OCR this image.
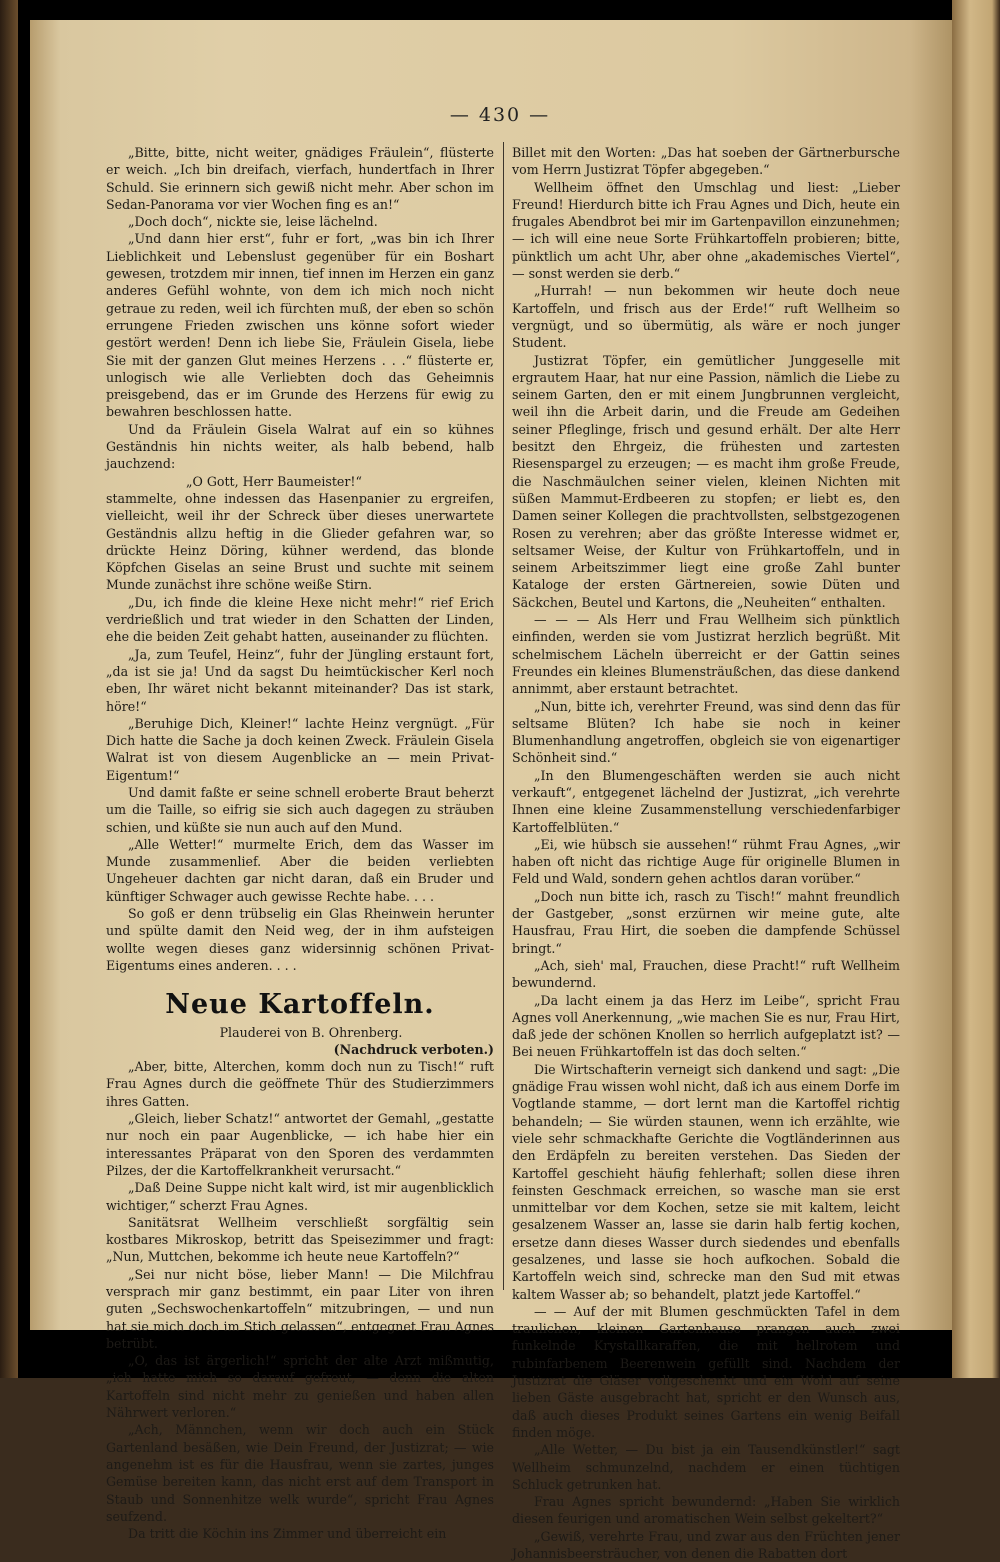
— 430 —

„Bitte, bitte, nicht weiter, gnädiges Fräulein“, flüsterte er weich. „Ich bin dreifach, vierfach, hundertfach in Ihrer Schuld. Sie erinnern sich gewiß nicht mehr. Aber schon im Sedan-Panorama vor vier Wochen fing es an!“

„Doch doch“, nickte sie, leise lächelnd.

„Und dann hier erst“, fuhr er fort, „was bin ich Ihrer Lieblichkeit und Lebenslust gegenüber für ein Boshart gewesen, trotzdem mir innen, tief innen im Herzen ein ganz anderes Gefühl wohnte, von dem ich mich noch nicht getraue zu reden, weil ich fürchten muß, der eben so schön errungene Frieden zwischen uns könne sofort wieder gestört werden! Denn ich liebe Sie, Fräulein Gisela, liebe Sie mit der ganzen Glut meines Herzens . . .“ flüsterte er, unlogisch wie alle Verliebten doch das Geheimnis preisgebend, das er im Grunde des Herzens für ewig zu bewahren beschlossen hatte.

Und da Fräulein Gisela Walrat auf ein so kühnes Geständnis hin nichts weiter, als halb bebend, halb jauchzend:

„O Gott, Herr Baumeister!“

stammelte, ohne indessen das Hasenpanier zu ergreifen, vielleicht, weil ihr der Schreck über dieses unerwartete Geständnis allzu heftig in die Glieder gefahren war, so drückte Heinz Döring, kühner werdend, das blonde Köpfchen Giselas an seine Brust und suchte mit seinem Munde zunächst ihre schöne weiße Stirn.

„Du, ich finde die kleine Hexe nicht mehr!“ rief Erich verdrießlich und trat wieder in den Schatten der Linden, ehe die beiden Zeit gehabt hatten, auseinander zu flüchten.

„Ja, zum Teufel, Heinz“, fuhr der Jüngling erstaunt fort, „da ist sie ja! Und da sagst Du heimtückischer Kerl noch eben, Ihr wäret nicht bekannt miteinander? Das ist stark, höre!“

„Beruhige Dich, Kleiner!“ lachte Heinz vergnügt. „Für Dich hatte die Sache ja doch keinen Zweck. Fräulein Gisela Walrat ist von diesem Augenblicke an — mein Privat-Eigentum!“

Und damit faßte er seine schnell eroberte Braut beherzt um die Taille, so eifrig sie sich auch dagegen zu sträuben schien, und küßte sie nun auch auf den Mund.

„Alle Wetter!“ murmelte Erich, dem das Wasser im Munde zusammenlief. Aber die beiden verliebten Ungeheuer dachten gar nicht daran, daß ein Bruder und künftiger Schwager auch gewisse Rechte habe. . . .

So goß er denn trübselig ein Glas Rheinwein herunter und spülte damit den Neid weg, der in ihm aufsteigen wollte wegen dieses ganz widersinnig schönen Privat-Eigentums eines anderen. . . .

Neue Kartoffeln.

Plauderei von B. Ohrenberg.

(Nachdruck verboten.)

„Aber, bitte, Alterchen, komm doch nun zu Tisch!“ ruft Frau Agnes durch die geöffnete Thür des Studierzimmers ihres Gatten.

„Gleich, lieber Schatz!“ antwortet der Gemahl, „gestatte nur noch ein paar Augenblicke, — ich habe hier ein interessantes Präparat von den Sporen des verdammten Pilzes, der die Kartoffelkrankheit verursacht.“

„Daß Deine Suppe nicht kalt wird, ist mir augenblicklich wichtiger,“ scherzt Frau Agnes.

Sanitätsrat Wellheim verschließt sorgfältig sein kostbares Mikroskop, betritt das Speisezimmer und fragt: „Nun, Muttchen, bekomme ich heute neue Kartoffeln?“

„Sei nur nicht böse, lieber Mann! — Die Milchfrau versprach mir ganz bestimmt, ein paar Liter von ihren guten „Sechswochenkartoffeln“ mitzubringen, — und nun hat sie mich doch im Stich gelassen“, entgegnet Frau Agnes betrübt.

„O, das ist ärgerlich!“ spricht der alte Arzt mißmutig, „ich hatte mich so darauf gefreut, — denn die alten Kartoffeln sind nicht mehr zu genießen und haben allen Nährwert verloren.“

„Ach, Männchen, wenn wir doch auch ein Stück Gartenland besäßen, wie Dein Freund, der Justizrat; — wie angenehm ist es für die Hausfrau, wenn sie zartes, junges Gemüse bereiten kann, das nicht erst auf dem Transport in Staub und Sonnenhitze welk wurde“, spricht Frau Agnes seufzend.

Da tritt die Köchin ins Zimmer und überreicht ein

Billet mit den Worten: „Das hat soeben der Gärtnerbursche vom Herrn Justizrat Töpfer abgegeben.“

Wellheim öffnet den Umschlag und liest: „Lieber Freund! Hierdurch bitte ich Frau Agnes und Dich, heute ein frugales Abendbrot bei mir im Gartenpavillon einzunehmen; — ich will eine neue Sorte Frühkartoffeln probieren; bitte, pünktlich um acht Uhr, aber ohne „akademisches Viertel“, — sonst werden sie derb.“

„Hurrah! — nun bekommen wir heute doch neue Kartoffeln, und frisch aus der Erde!“ ruft Wellheim so vergnügt, und so übermütig, als wäre er noch junger Student.

Justizrat Töpfer, ein gemütlicher Junggeselle mit ergrautem Haar, hat nur eine Passion, nämlich die Liebe zu seinem Garten, den er mit einem Jungbrunnen vergleicht, weil ihn die Arbeit darin, und die Freude am Gedeihen seiner Pfleglinge, frisch und gesund erhält. Der alte Herr besitzt den Ehrgeiz, die frühesten und zartesten Riesenspargel zu erzeugen; — es macht ihm große Freude, die Naschmäulchen seiner vielen, kleinen Nichten mit süßen Mammut-Erdbeeren zu stopfen; er liebt es, den Damen seiner Kollegen die prachtvollsten, selbstgezogenen Rosen zu verehren; aber das größte Interesse widmet er, seltsamer Weise, der Kultur von Frühkartoffeln, und in seinem Arbeitszimmer liegt eine große Zahl bunter Kataloge der ersten Gärtnereien, sowie Düten und Säckchen, Beutel und Kartons, die „Neuheiten“ enthalten.

— — — Als Herr und Frau Wellheim sich pünktlich einfinden, werden sie vom Justizrat herzlich begrüßt. Mit schelmischem Lächeln überreicht er der Gattin seines Freundes ein kleines Blumensträußchen, das diese dankend annimmt, aber erstaunt betrachtet.

„Nun, bitte ich, verehrter Freund, was sind denn das für seltsame Blüten? Ich habe sie noch in keiner Blumenhandlung angetroffen, obgleich sie von eigenartiger Schönheit sind.“

„In den Blumengeschäften werden sie auch nicht verkauft“, entgegenet lächelnd der Justizrat, „ich verehrte Ihnen eine kleine Zusammenstellung verschiedenfarbiger Kartoffelblüten.“

„Ei, wie hübsch sie aussehen!“ rühmt Frau Agnes, „wir haben oft nicht das richtige Auge für originelle Blumen in Feld und Wald, sondern gehen achtlos daran vorüber.“

„Doch nun bitte ich, rasch zu Tisch!“ mahnt freundlich der Gastgeber, „sonst erzürnen wir meine gute, alte Hausfrau, Frau Hirt, die soeben die dampfende Schüssel bringt.“

„Ach, sieh' mal, Frauchen, diese Pracht!“ ruft Wellheim bewundernd.

„Da lacht einem ja das Herz im Leibe“, spricht Frau Agnes voll Anerkennung, „wie machen Sie es nur, Frau Hirt, daß jede der schönen Knollen so herrlich aufgeplatzt ist? — Bei neuen Frühkartoffeln ist das doch selten.“

Die Wirtschafterin verneigt sich dankend und sagt: „Die gnädige Frau wissen wohl nicht, daß ich aus einem Dorfe im Vogtlande stamme, — dort lernt man die Kartoffel richtig behandeln; — Sie würden staunen, wenn ich erzählte, wie viele sehr schmackhafte Gerichte die Vogtländerinnen aus den Erdäpfeln zu bereiten verstehen. Das Sieden der Kartoffel geschieht häufig fehlerhaft; sollen diese ihren feinsten Geschmack erreichen, so wasche man sie erst unmittelbar vor dem Kochen, setze sie mit kaltem, leicht gesalzenem Wasser an, lasse sie darin halb fertig kochen, ersetze dann dieses Wasser durch siedendes und ebenfalls gesalzenes, und lasse sie hoch aufkochen. Sobald die Kartoffeln weich sind, schrecke man den Sud mit etwas kaltem Wasser ab; so behandelt, platzt jede Kartoffel.“

— — Auf der mit Blumen geschmückten Tafel in dem traulichen, kleinen Gartenhause prangen auch zwei funkelnde Krystallkaraffen, die mit hellrotem und rubinfarbenem Beerenwein gefüllt sind. Nachdem der Justizrat die Gläser vollgeschenkt und ein Wohl auf seine lieben Gäste ausgebracht hat, spricht er den Wunsch aus, daß auch dieses Produkt seines Gartens ein wenig Beifall finden möge.

„Alle Wetter, — Du bist ja ein Tausendkünstler!“ sagt Wellheim schmunzelnd, nachdem er einen tüchtigen Schluck getrunken hat.

Frau Agnes spricht bewundernd: „Haben Sie wirklich diesen feurigen und aromatischen Wein selbst gekeltert?“

„Gewiß, verehrte Frau, und zwar aus den Früchten jener Johannisbeersträucher, von denen die Rabatten dort
